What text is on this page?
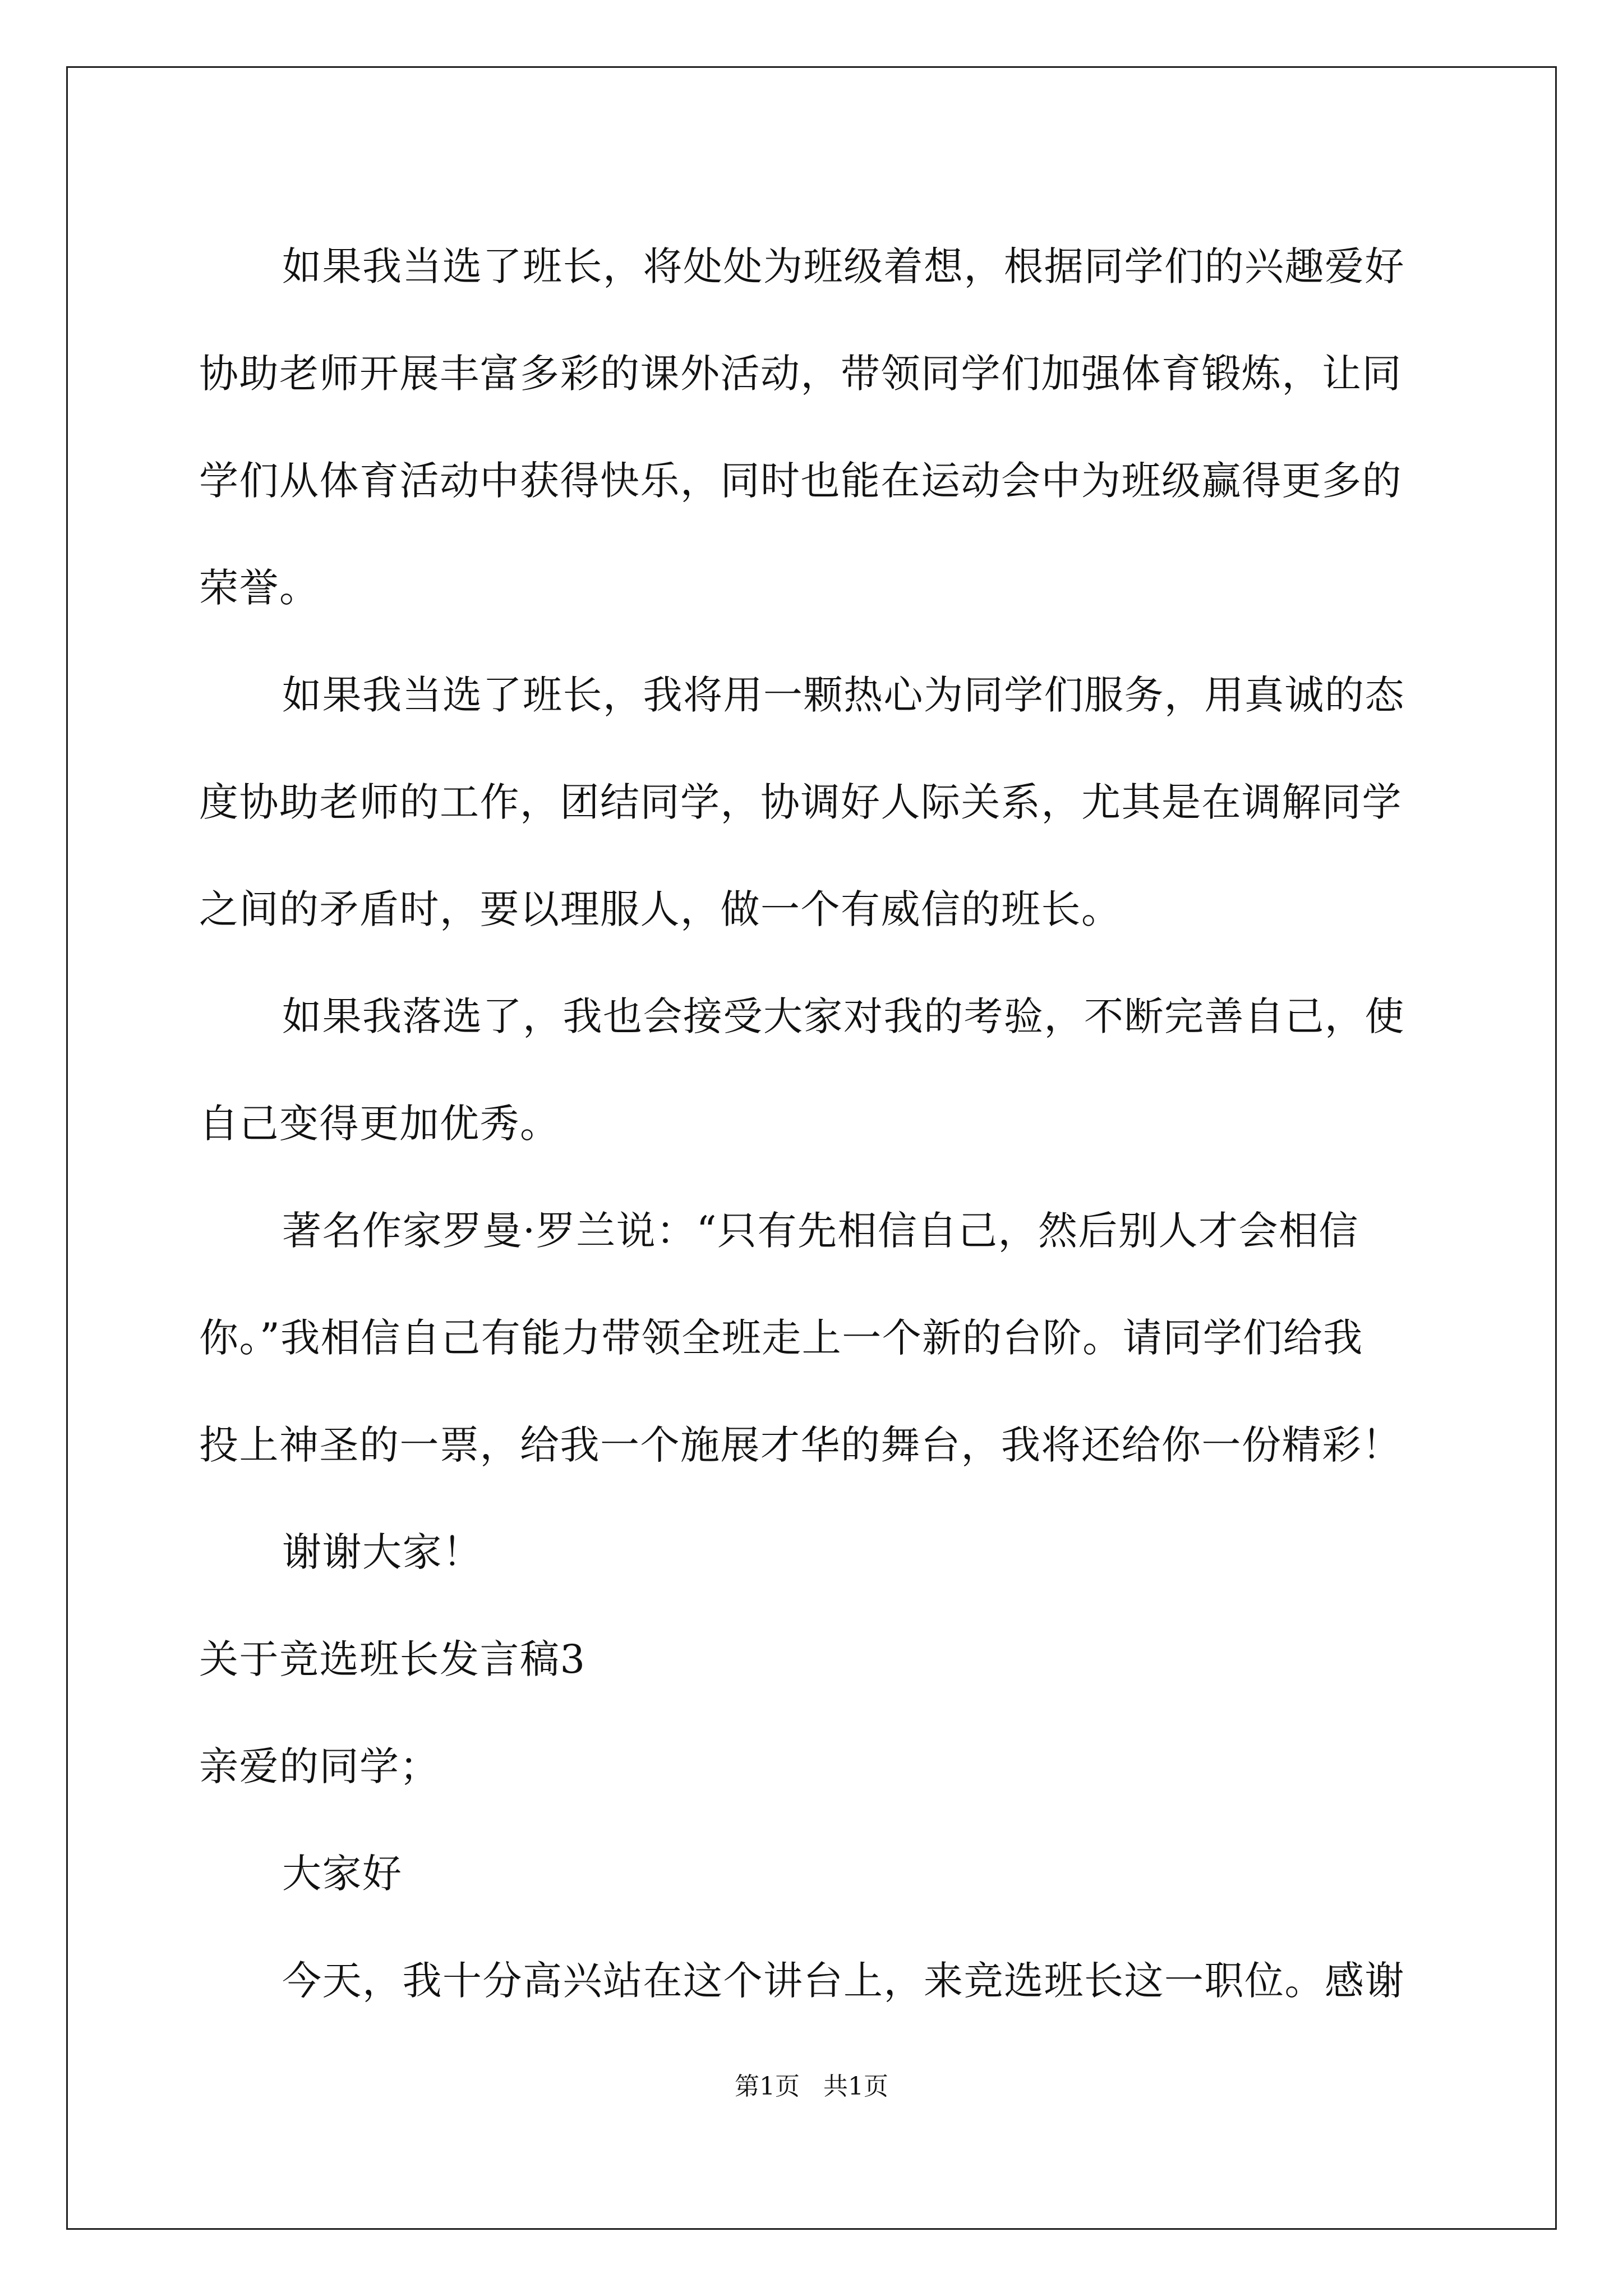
如果我当选了班长，将处处为班级着想，根据同学们的兴趣爱好
协助老师开展丰富多彩的课外活动，带领同学们加强体育锻炼，让同
学们从体育活动中获得快乐，同时也能在运动会中为班级赢得更多的
荣誉。
如果我当选了班长，我将用一颗热心为同学们服务，用真诚的态
度协助老师的工作，团结同学，协调好人际关系，尤其是在调解同学
之间的矛盾时，要以理服人，做一个有威信的班长。
如果我落选了，我也会接受大家对我的考验，不断完善自己，使
自己变得更加优秀。
著名作家罗曼·罗兰说：“只有先相信自己，然后别人才会相信
你。”我相信自己有能力带领全班走上一个新的台阶。请同学们给我
投上神圣的一票，给我一个施展才华的舞台，我将还给你一份精彩！
谢谢大家！
关于竞选班长发言稿3
亲爱的同学；
大家好
今天，我十分高兴站在这个讲台上，来竞选班长这一职位。感谢
第1页   共1页
